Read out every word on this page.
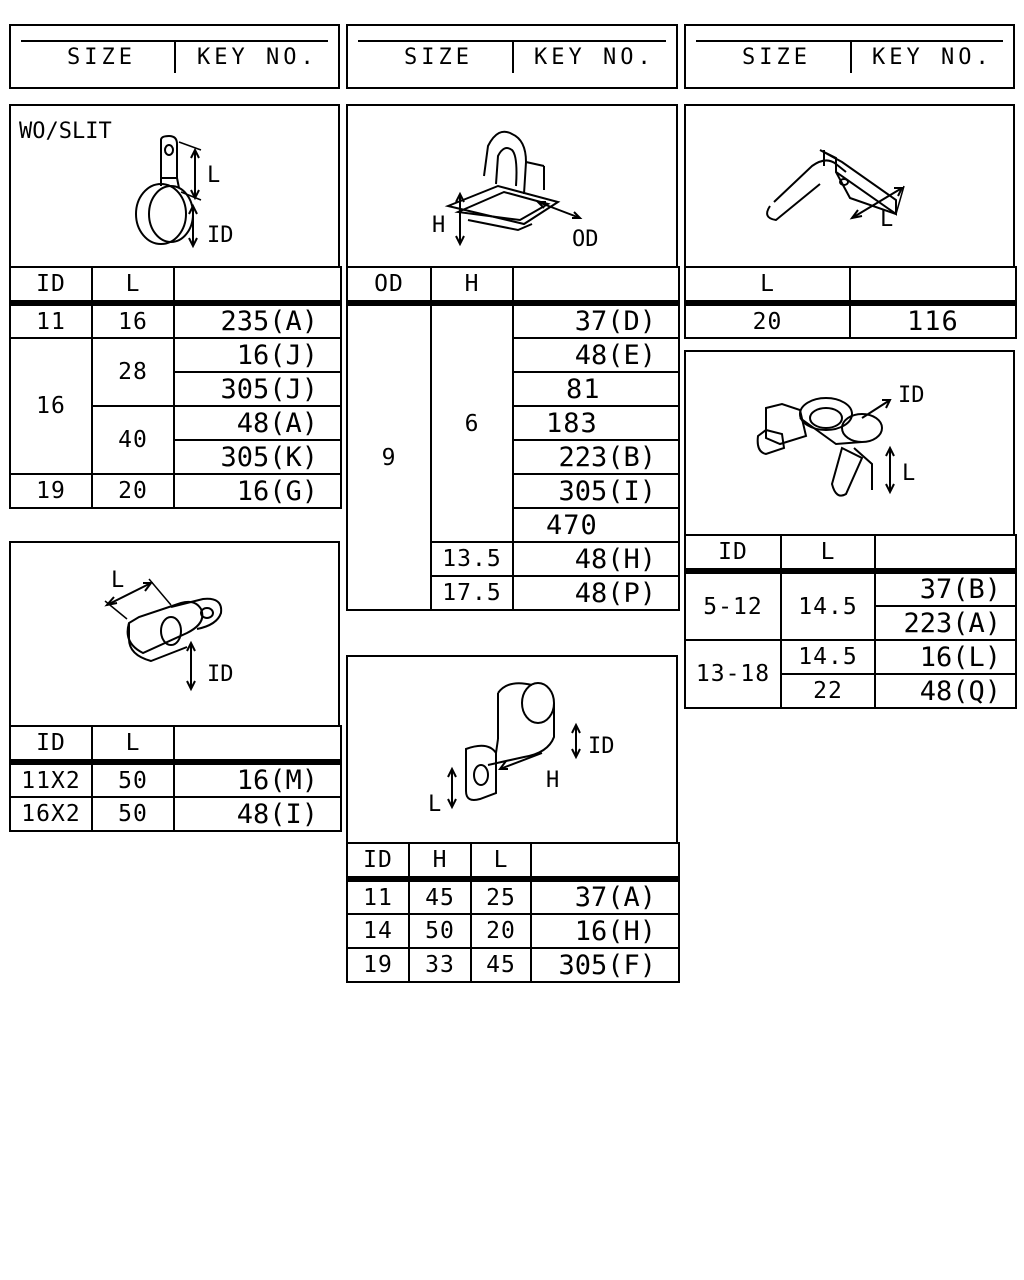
SIZE	KEY NO.	SIZE	KEY NO.	SIZE	KEY NO.
WO/SLIT
L
ID
ID	L	
11	16	235(A)
16	28	16(J)
		305(J)
	40	48(A)
		305(K)
19	20	16(G)
L
ID
ID	L	
11X2	50	16(M)
16X2	50	48(I)
H
OD
OD	H	
9	6	37(D)
		48(E)
		81
		183
		223(B)
		305(I)
		470
	13.5	48(H)
	17.5	48(P)
ID
H
L
ID	H	L	
11	45	25	37(A)
14	50	20	16(H)
19	33	45	305(F)
L
L	
20	116
ID
L
ID	L	
5-12	14.5	37(B)
		223(A)
13-18	14.5	16(L)
	22	48(Q)
